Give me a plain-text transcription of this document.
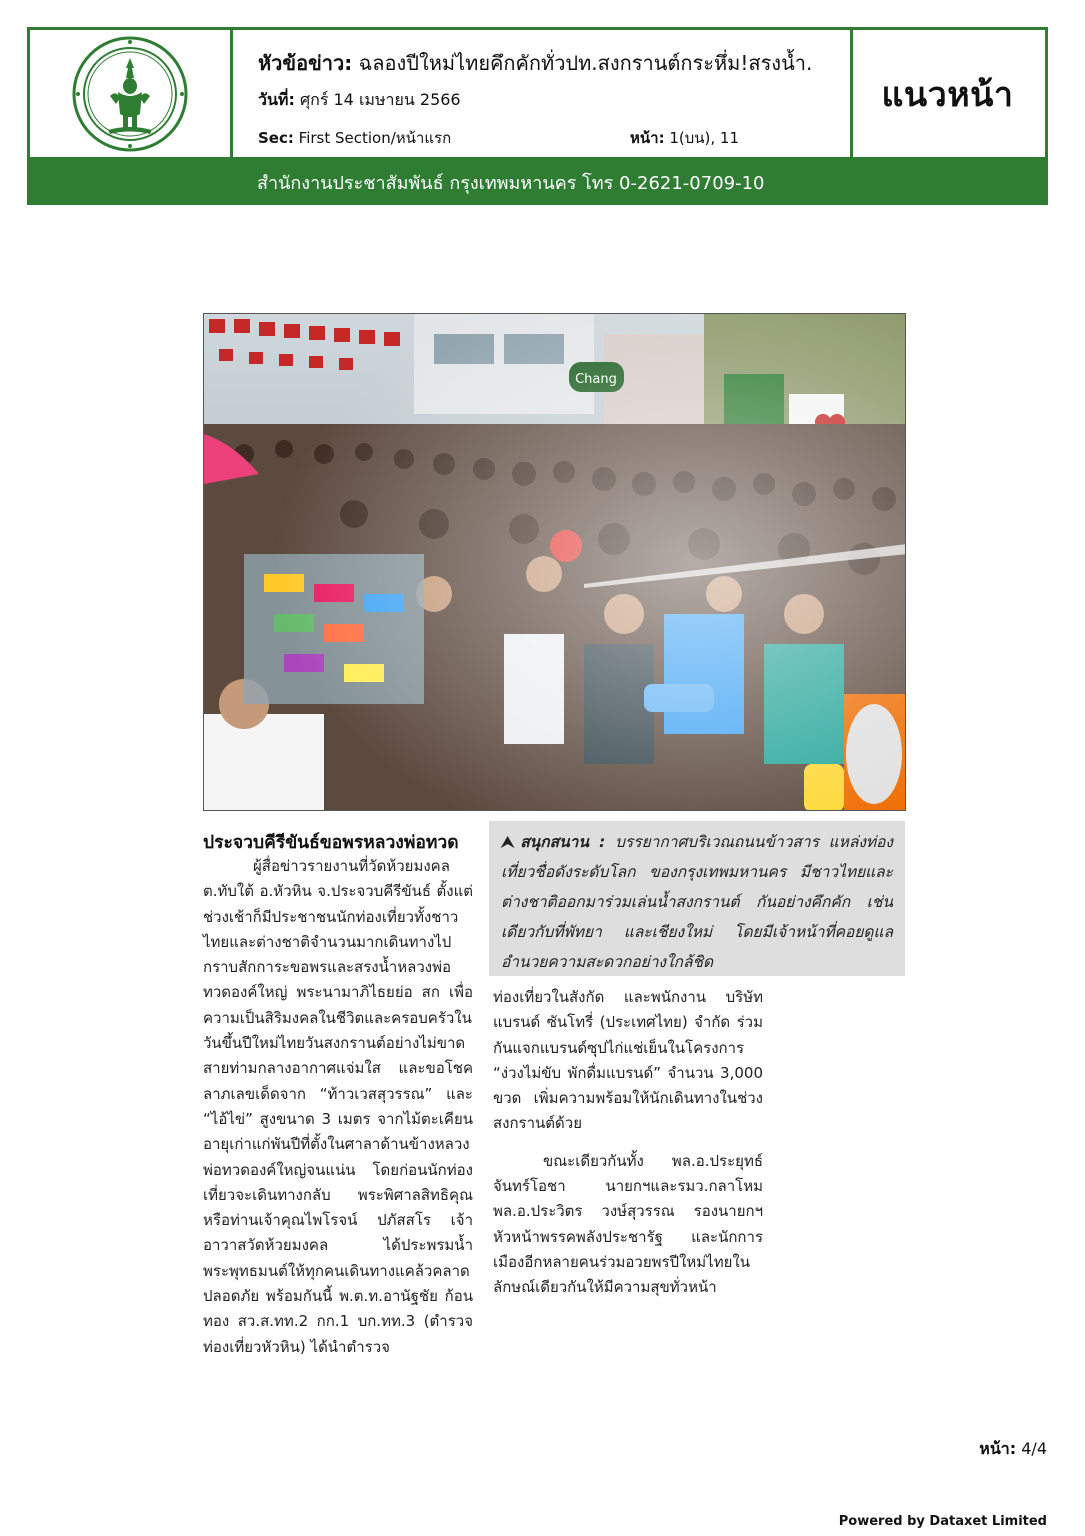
หัวข้อข่าว: ฉลองปีใหม่ไทยคึกคักทั่วปท.สงกรานต์กระหึ่ม!สรงน้ำ.
วันที่: ศุกร์ 14 เมษายน 2566
Sec: First Section/หน้าแรก	หน้า: 1(บน), 11
แนวหน้า
สำนักงานประชาสัมพันธ์ กรุงเทพมหานคร โทร 0-2621-0709-10
⮝ สนุกสนาน : บรรยากาศบริเวณถนนข้าวสาร แหล่งท่องเที่ยวชื่อดังระดับโลก ของกรุงเทพมหานคร มีชาวไทยและต่างชาติออกมาร่วมเล่นน้ำสงกรานต์ กันอย่างคึกคัก เช่นเดียวกับที่พัทยา และเชียงใหม่ โดยมีเจ้าหน้าที่คอยดูแลอำนวยความสะดวกอย่างใกล้ชิด
ประจวบคีรีขันธ์ขอพรหลวงพ่อทวด
ผู้สื่อข่าวรายงานที่วัดห้วยมงคล ต.ทับใต้ อ.หัวหิน จ.ประจวบคีรีขันธ์ ตั้งแต่ช่วงเช้าก็มีประชาชนนักท่องเที่ยวทั้งชาวไทยและต่างชาติจำนวนมากเดินทางไปกราบสักการะขอพรและสรงน้ำหลวงพ่อทวดองค์ใหญ่ พระนามาภิไธยย่อ สก เพื่อความเป็นสิริมงคลในชีวิตและครอบครัวในวันขึ้นปีใหม่ไทยวันสงกรานต์อย่างไม่ขาดสายท่ามกลางอากาศแจ่มใส และขอโชคลาภเลขเด็ดจาก “ท้าวเวสสุวรรณ” และ “ไอ้ไข่” สูงขนาด 3 เมตร จากไม้ตะเคียนอายุเก่าแก่พันปีที่ตั้งในศาลาด้านข้างหลวงพ่อทวดองค์ใหญ่จนแน่น โดยก่อนนักท่องเที่ยวจะเดินทางกลับ พระพิศาลสิทธิคุณ หรือท่านเจ้าคุณไพโรจน์ ปภัสสโร เจ้าอาวาสวัดห้วยมงคล ได้ประพรมน้ำพระพุทธมนต์ให้ทุกคนเดินทางแคล้วคลาดปลอดภัย พร้อมกันนี้ พ.ต.ท.อานัฐชัย ก้อนทอง สว.ส.ทท.2 กก.1 บก.ทท.3 (ตำรวจท่องเที่ยวหัวหิน) ได้นำตำรวจ
ท่องเที่ยวในสังกัด และพนักงาน บริษัท แบรนด์ ซันโทรี่ (ประเทศไทย) จำกัด ร่วมกันแจกแบรนด์ซุปไก่แช่เย็นในโครงการ “ง่วงไม่ขับ พักดื่มแบรนด์” จำนวน 3,000 ขวด เพิ่มความพร้อมให้นักเดินทางในช่วงสงกรานต์ด้วย
ขณะเดียวกันทั้ง พล.อ.ประยุทธ์ จันทร์โอชา นายกฯและรมว.กลาโหม พล.อ.ประวิตร วงษ์สุวรรณ รองนายกฯ หัวหน้าพรรคพลังประชารัฐ และนักการเมืองอีกหลายคนร่วมอวยพรปีใหม่ไทยในลักษณ์เดียวกันให้มีความสุขทั่วหน้า
หน้า: 4/4
Powered by Dataxet Limited
